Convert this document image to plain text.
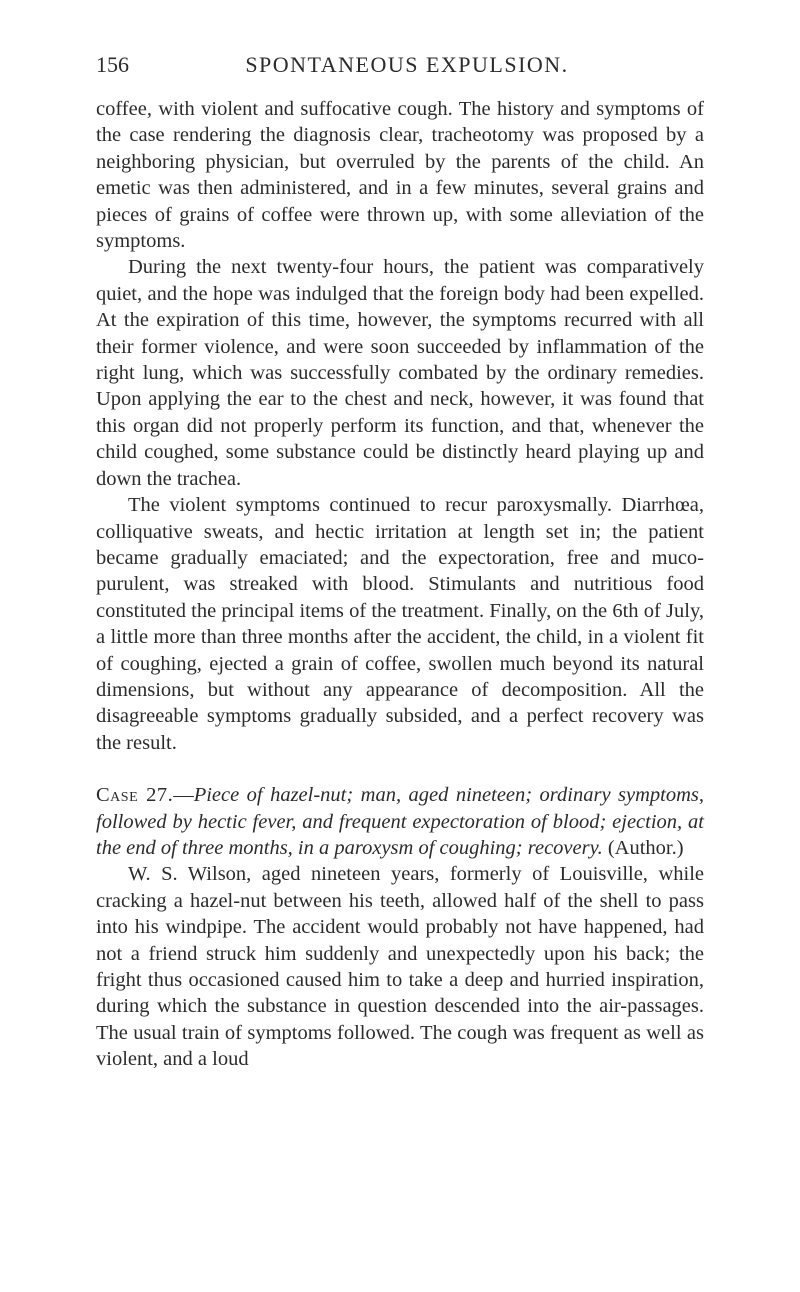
156	SPONTANEOUS EXPULSION.

coffee, with violent and suffocative cough. The history and symptoms of the case rendering the diagnosis clear, tracheotomy was proposed by a neighboring physician, but overruled by the parents of the child. An emetic was then administered, and in a few minutes, several grains and pieces of grains of coffee were thrown up, with some alleviation of the symptoms.

During the next twenty-four hours, the patient was comparatively quiet, and the hope was indulged that the foreign body had been expelled. At the expiration of this time, however, the symptoms recurred with all their former violence, and were soon succeeded by inflammation of the right lung, which was successfully combated by the ordinary remedies. Upon applying the ear to the chest and neck, however, it was found that this organ did not properly perform its function, and that, whenever the child coughed, some substance could be distinctly heard playing up and down the trachea.

The violent symptoms continued to recur paroxysmally. Diarrhœa, colliquative sweats, and hectic irritation at length set in; the patient became gradually emaciated; and the expectoration, free and muco-purulent, was streaked with blood. Stimulants and nutritious food constituted the principal items of the treatment. Finally, on the 6th of July, a little more than three months after the accident, the child, in a violent fit of coughing, ejected a grain of coffee, swollen much beyond its natural dimensions, but without any appearance of decomposition. All the disagreeable symptoms gradually subsided, and a perfect recovery was the result.

Case 27.—Piece of hazel-nut; man, aged nineteen; ordinary symptoms, followed by hectic fever, and frequent expectoration of blood; ejection, at the end of three months, in a paroxysm of coughing; recovery. (Author.)

W. S. Wilson, aged nineteen years, formerly of Louisville, while cracking a hazel-nut between his teeth, allowed half of the shell to pass into his windpipe. The accident would probably not have happened, had not a friend struck him suddenly and unexpectedly upon his back; the fright thus occasioned caused him to take a deep and hurried inspiration, during which the substance in question descended into the air-passages. The usual train of symptoms followed. The cough was frequent as well as violent, and a loud
